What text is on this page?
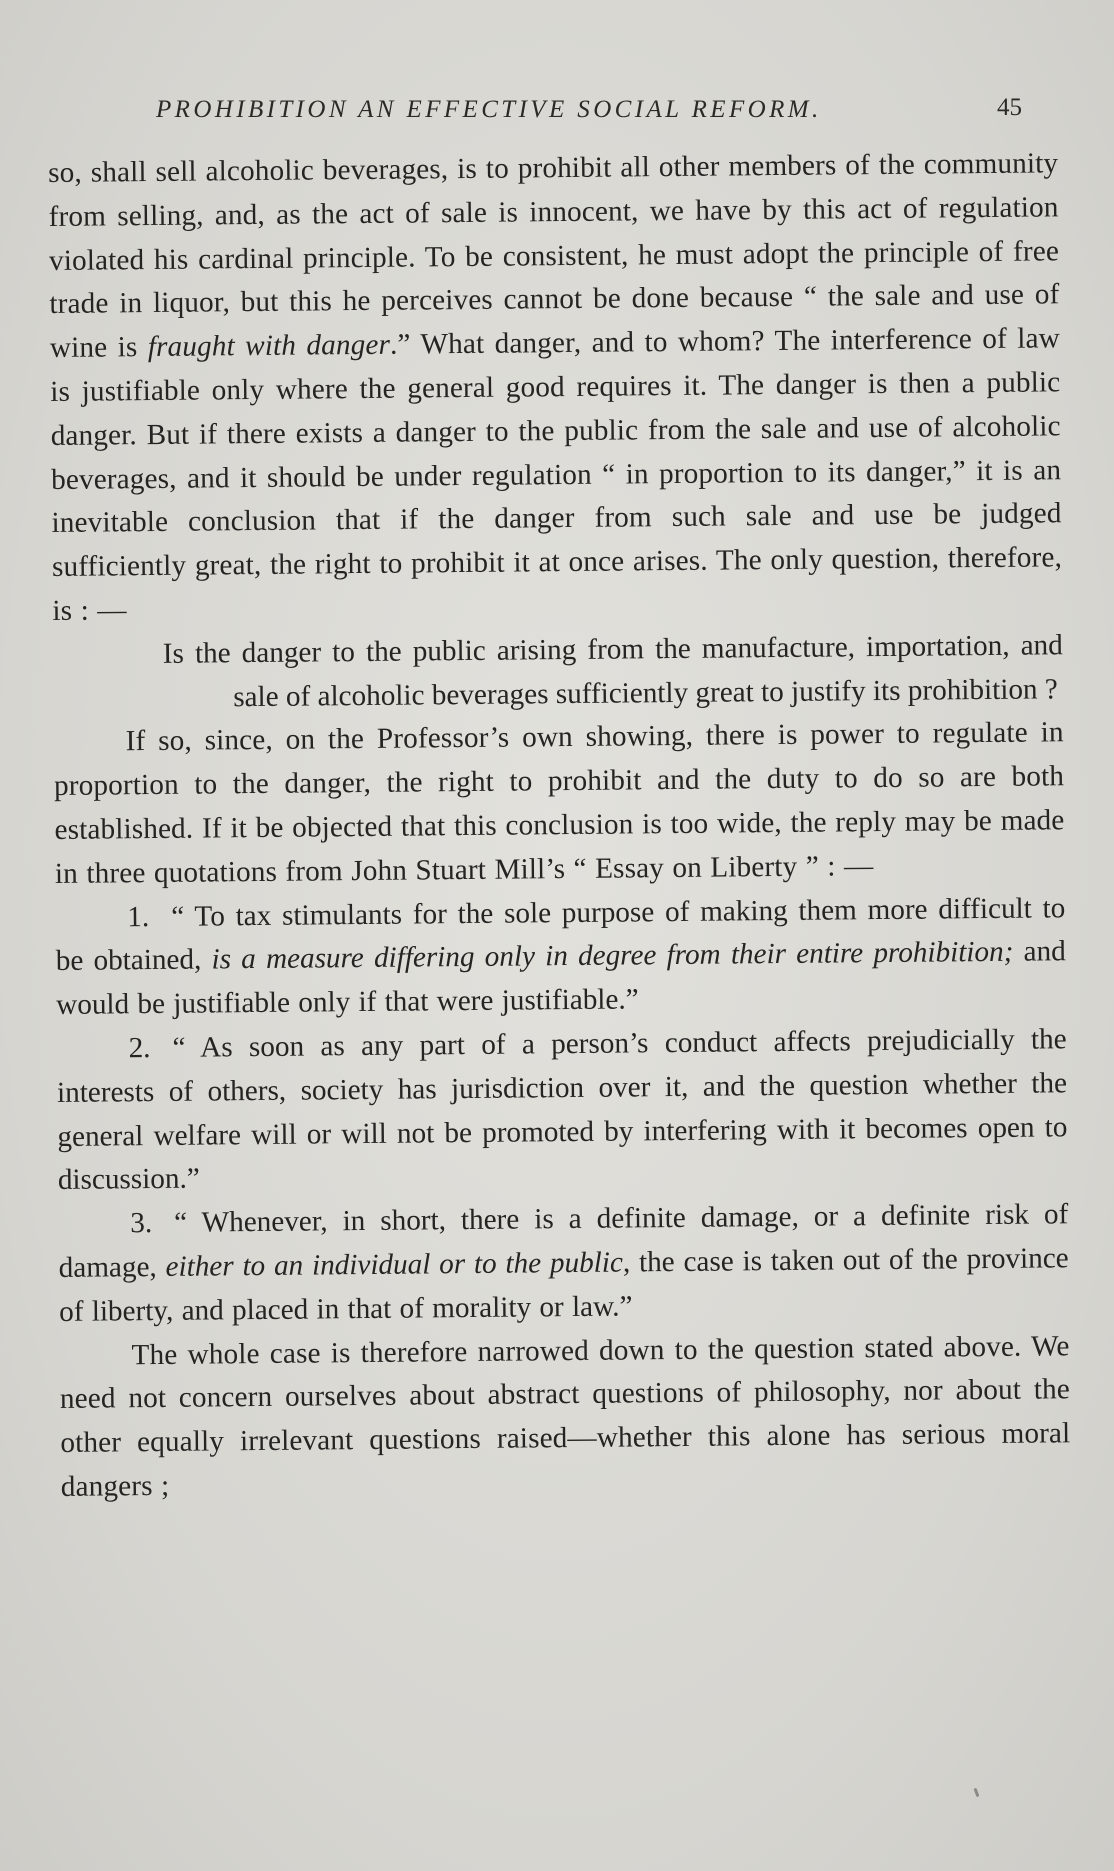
PROHIBITION AN EFFECTIVE SOCIAL REFORM.	45

so, shall sell alcoholic beverages, is to prohibit all other members of the community from selling, and, as the act of sale is innocent, we have by this act of regulation violated his cardinal principle. To be consistent, he must adopt the principle of free trade in liquor, but this he perceives cannot be done because “ the sale and use of wine is fraught with danger.” What danger, and to whom? The interference of law is justifiable only where the general good requires it. The danger is then a public danger. But if there exists a danger to the public from the sale and use of alcoholic beverages, and it should be under regulation “ in proportion to its danger,” it is an inevitable conclusion that if the danger from such sale and use be judged sufficiently great, the right to prohibit it at once arises. The only question, therefore, is : —

Is the danger to the public arising from the manufacture, importation, and sale of alcoholic beverages sufficiently great to justify its prohibition ?

If so, since, on the Professor’s own showing, there is power to regulate in proportion to the danger, the right to prohibit and the duty to do so are both established. If it be objected that this conclusion is too wide, the reply may be made in three quotations from John Stuart Mill’s “ Essay on Liberty ” : —

1. “ To tax stimulants for the sole purpose of making them more difficult to be obtained, is a measure differing only in degree from their entire prohibition; and would be justifiable only if that were justifiable.”

2. “ As soon as any part of a person’s conduct affects prejudicially the interests of others, society has jurisdiction over it, and the question whether the general welfare will or will not be promoted by interfering with it becomes open to discussion.”

3. “ Whenever, in short, there is a definite damage, or a definite risk of damage, either to an individual or to the public, the case is taken out of the province of liberty, and placed in that of morality or law.”

The whole case is therefore narrowed down to the question stated above. We need not concern ourselves about abstract questions of philosophy, nor about the other equally irrelevant questions raised—whether this alone has serious moral dangers ;
